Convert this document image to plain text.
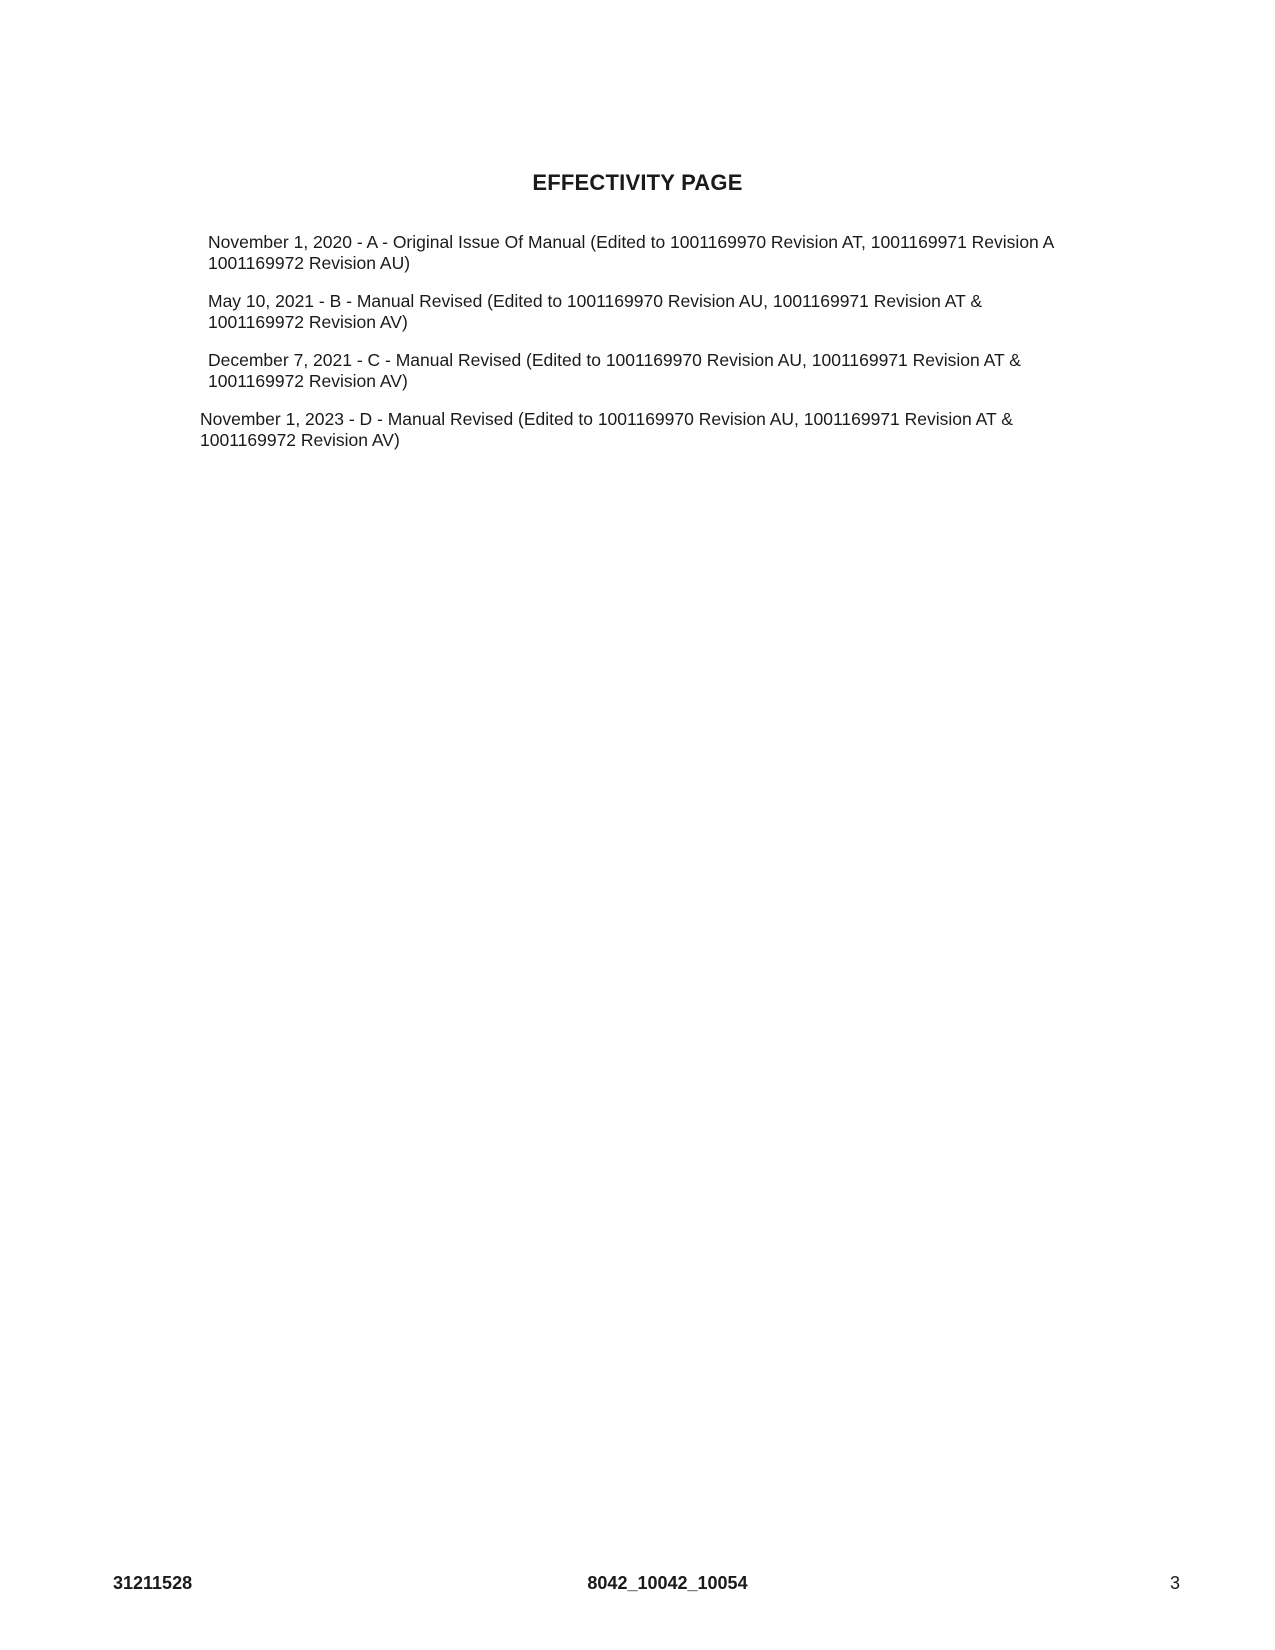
EFFECTIVITY PAGE
November 1, 2020 - A - Original Issue Of Manual (Edited to 1001169970 Revision AT, 1001169971 Revision A
1001169972 Revision AU)
May 10, 2021 - B - Manual Revised (Edited to 1001169970 Revision AU, 1001169971 Revision AT &
1001169972 Revision AV)
December 7, 2021 - C - Manual Revised (Edited to 1001169970 Revision AU, 1001169971 Revision AT &
1001169972 Revision AV)
November 1, 2023 - D - Manual Revised (Edited to 1001169970 Revision AU, 1001169971 Revision AT &
1001169972 Revision AV)
31211528	8042_10042_10054	3
